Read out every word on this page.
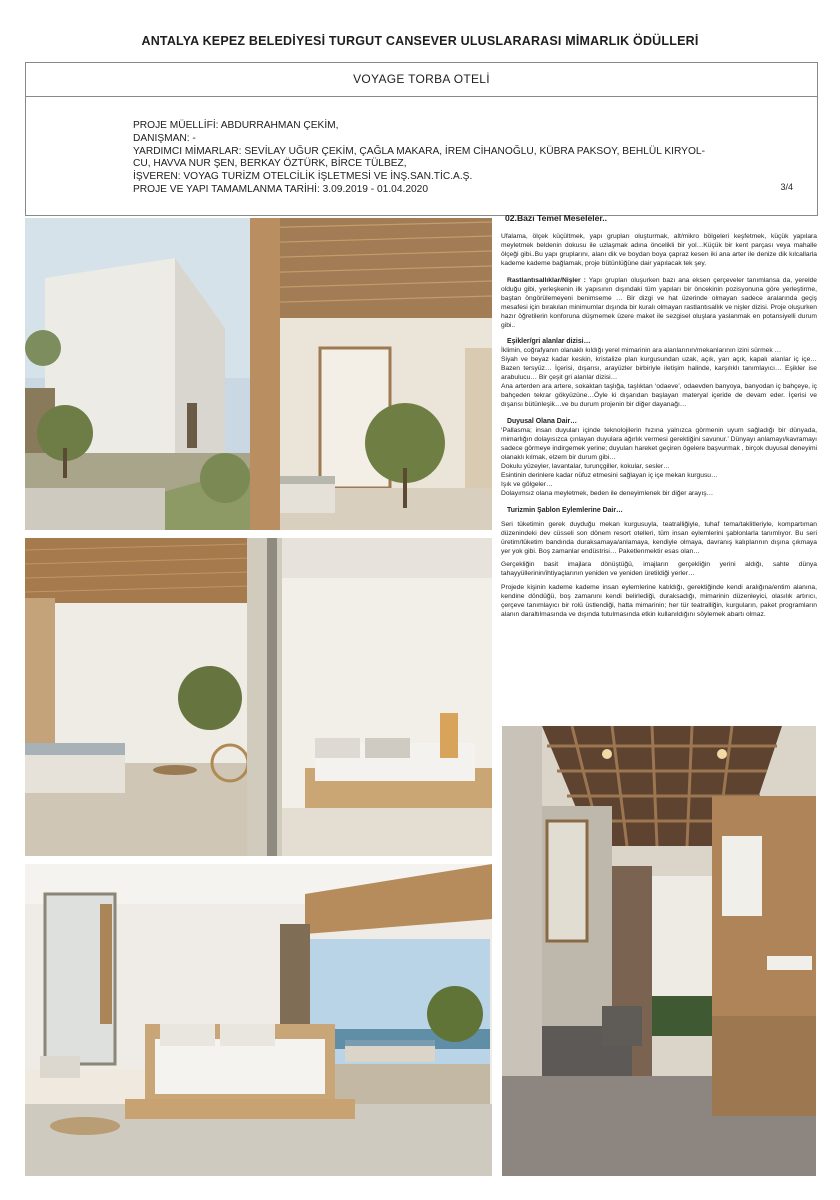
ANTALYA KEPEZ BELEDİYESİ TURGUT CANSEVER ULUSLARARASI MİMARLIK ÖDÜLLERİ
VOYAGE TORBA OTELİ
PROJE MÜELLİFİ: ABDURRAHMAN ÇEKİM,
DANIŞMAN: -
YARDIMCI MİMARLAR: SEVİLAY UĞUR ÇEKİM, ÇAĞLA MAKARA, İREM CİHANOĞLU, KÜBRA PAKSOY, BEHLÜL KIRYOL-
CU, HAVVA NUR ŞEN, BERKAY ÖZTÜRK, BİRCE TÜLBEZ,
İŞVEREN: VOYAG TURİZM OTELCİLİK İŞLETMESİ VE İNŞ.SAN.TİC.A.Ş.
PROJE VE YAPI TAMAMLANMA TARİHİ: 3.09.2019 - 01.04.2020	3/4
02.Bazı Temel Meseleler..

Ufalama, ölçek küçültmek, yapı grupları oluşturmak, alt/mikro bölgeleri keşfetmek, küçük yapılara meyletmek beldenin dokusu ile uzlaşmak adına öncelikli bir yol…Küçük bir kent parçası veya mahalle ölçeği gibi..Bu yapı gruplarını, alanı dik ve boydan boya çapraz kesen iki ana arter ile denize dik kılcallarla kademe kademe bağlamak, proje bütünlüğüne dair yapılacak tek şey.

Rastlantısallıklar/Nişler : Yapı grupları oluşurken bazı ana eksen çerçeveler tanımlansa da, yerelde olduğu gibi, yerleşkenin ilk yapısının dışındaki tüm yapıları bir öncekinin pozisyonuna göre yerleştirme, baştan öngörülemeyeni benimseme … Bir dizgi ve hat üzerinde olmayan sadece aralarında geçiş mesafesi için bırakılan minimumlar dışında bir kuralı olmayan rastlantısallık ve nişler dizisi. Proje oluşurken hazır öğretilerin konforuna düşmemek üzere maket ile sezgisel oluşlara yaslanmak en potansiyelli durum gibi..

Eşikler/gri alanlar dizisi…

İklimin, coğrafyanın olanaklı kıldığı yerel mimarinin ara alanlarının/mekanlarının izini sürmek …
Siyah ve beyaz kadar keskin, kristalize plan kurgusundan uzak, açık, yarı açık, kapalı alanlar iç içe… Bazen tersyüz… İçerisi, dışarısı, arayüzler birbiriyle iletişim halinde, karşılıklı tanımlayıcı… Eşikler ise arabulucu… Bir çeşit gri alanlar dizisi…
Ana arterden ara artere, sokaktan taşlığa, taşlıktan ‘odaeve’, odaevden banyoya, banyodan iç bahçeye, iç bahçeden tekrar gökyüzüne…Öyle ki dışarıdan başlayan materyal içeride de devam eder. İçerisi ve dışarısı bütünleşik…ve bu durum projenin bir diğer dayanağı…

Duyusal Olana Dair…

‘Pallasma; insan duyuları içinde teknolojilerin hızına yalnızca görmenin uyum sağladığı bir dünyada, mimarlığın dolayısızca çınlayan duyulara ağırlık vermesi gerektiğini savunur.’ Dünyayı anlamayı/kavramayı sadece görmeye indirgemek yerine; duyuları hareket geçiren ögelere başvurmak , birçok duyusal deneyimi olanaklı kılmak, elzem bir durum gibi…
Dokulu yüzeyler, lavantalar, turunçgiller, kokular, sesler…
Esintinin derinlere kadar nüfuz etmesini sağlayan iç içe mekan kurgusu…
Işık ve gölgeler…
Dolayımsız olana meyletmek, beden ile deneyimlenek bir diğer arayış…

Turizmin Şablon Eylemlerine Dair…

Seri tüketimin gerek duyduğu mekan kurgusuyla, teatralliğiyle, tuhaf tema/taklitleriyle, kompartıman düzenindeki dev cüsseli son dönem resort otelleri, tüm insan eylemlerini şablonlarla tanımlıyor. Bu seri üretim/tüketim bandında duraksamaya/anlamaya, kendiyle olmaya, davranış kalıplarının dışına çıkmaya yer yok gibi. Boş zamanlar endüstrisi… Paketlenmektir esas olan…

Gerçekliğin basit imajlara dönüştüğü, imajların gerçekliğin yerini aldığı, sahte dünya tahayyüllerinin/ihtiyaçlarının yeniden ve yeniden üretildiği yerler…

Projede kişinin kademe kademe insan eylemlerine katıldığı, gerektiğinde kendi aralığına/entim alanına, kendine döndüğü, boş zamanını kendi belirlediği, duraksadığı, mimarinin düzenleyici, olasılık artırıcı, çerçeve tanımlayıcı bir rolü üstlendiği, hatta mimarinin; her tür teatralliğin, kurguların, paket programların alanın daraltılmasında ve dışında tutulmasında etkin kullanıldığını söylemek abartı olmaz.
